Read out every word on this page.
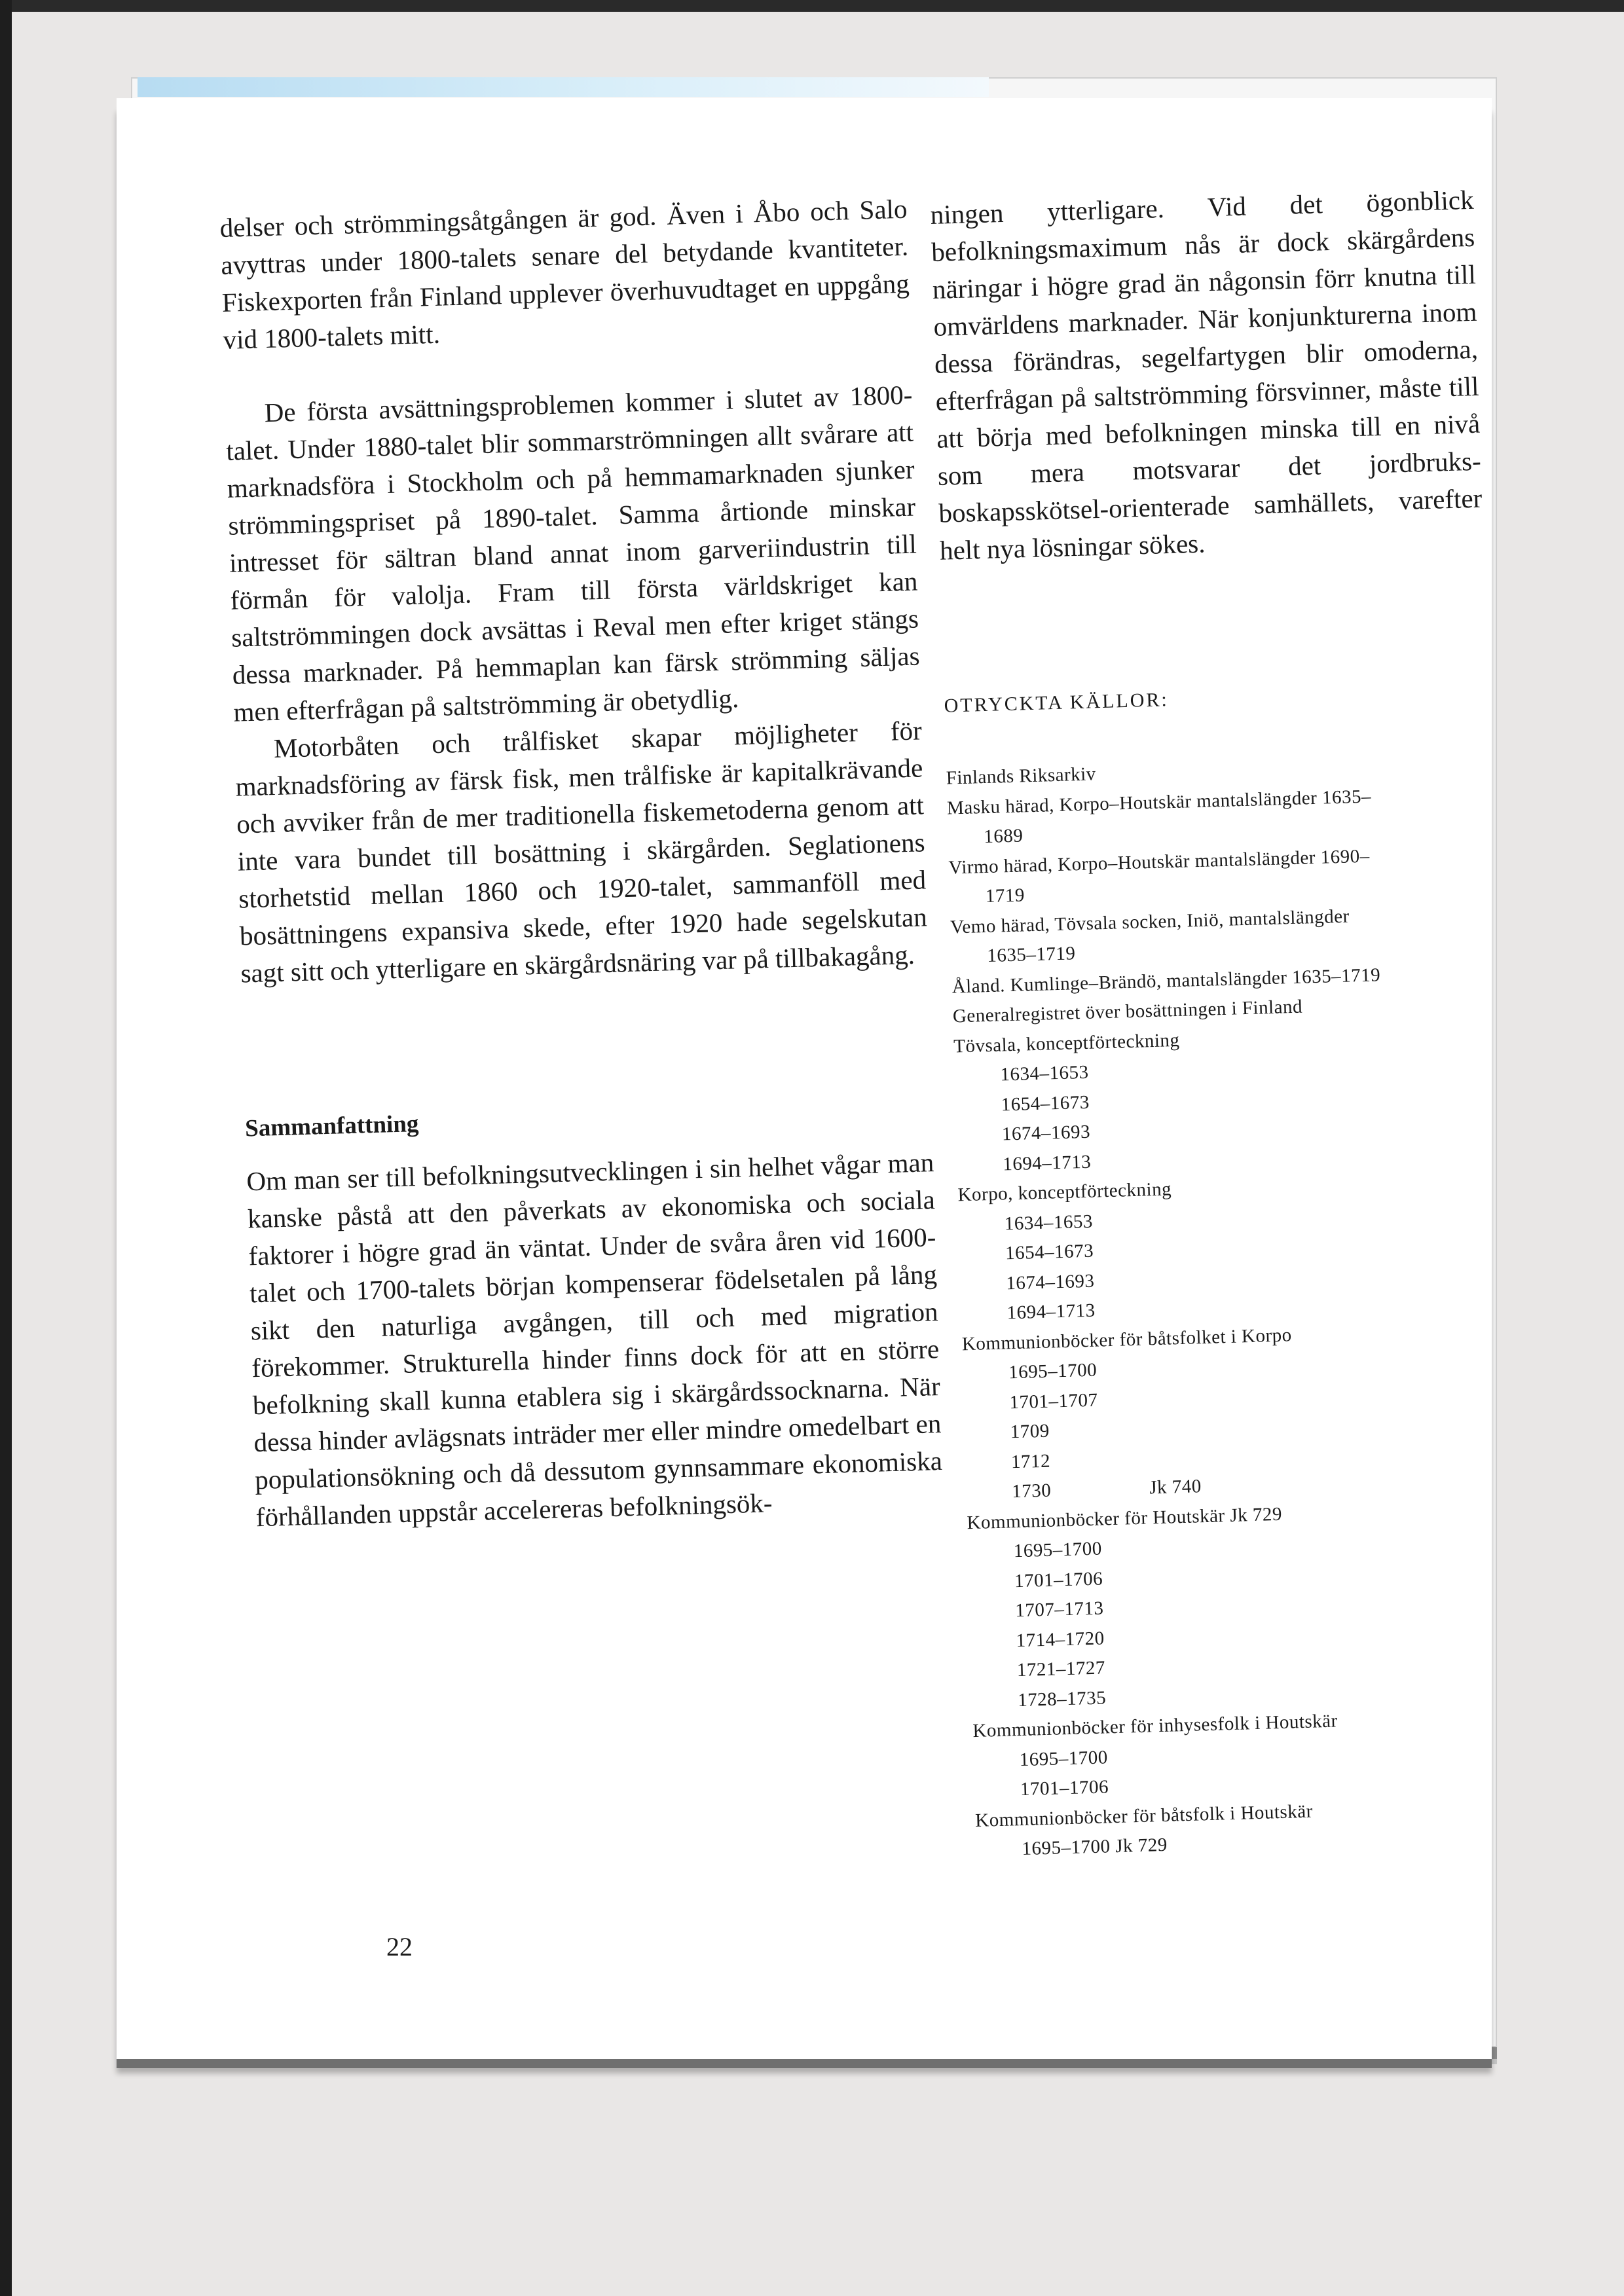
delser och strömmingsåtgången är god. Även i Åbo och Salo avyttras under 1800-talets senare del betydande kvantiteter. Fiskexporten från Finland upplever överhuvudtaget en uppgång vid 1800-talets mitt.

De första avsättningsproblemen kommer i slutet av 1800-talet. Under 1880-talet blir sommarströmningen allt svårare att marknadsföra i Stockholm och på hemmamarknaden sjunker strömmingspriset på 1890-talet. Samma årtionde minskar intresset för sältran bland annat inom garveriindustrin till förmån för valolja. Fram till första världskriget kan saltströmmingen dock avsättas i Reval men efter kriget stängs dessa marknader. På hemmaplan kan färsk strömming säljas men efterfrågan på saltströmming är obetydlig.

Motorbåten och trålfisket skapar möjligheter för marknadsföring av färsk fisk, men trålfiske är kapitalkrävande och avviker från de mer traditionella fiskemetoderna genom att inte vara bundet till bosättning i skärgården. Seglationens storhetstid mellan 1860 och 1920-talet, sammanföll med bosättningens expansiva skede, efter 1920 hade segelskutan sagt sitt och ytterligare en skärgårdsnäring var på tillbakagång.

Sammanfattning

Om man ser till befolkningsutvecklingen i sin helhet vågar man kanske påstå att den påverkats av ekonomiska och sociala faktorer i högre grad än väntat. Under de svåra åren vid 1600-talet och 1700-talets början kompenserar födelsetalen på lång sikt den naturliga avgången, till och med migration förekommer. Strukturella hinder finns dock för att en större befolkning skall kunna etablera sig i skärgårdssocknarna. När dessa hinder avlägsnats inträder mer eller mindre omedelbart en populationsökning och då dessutom gynnsammare ekonomiska förhållanden uppstår accelereras befolkningsök-

ningen ytterligare. Vid det ögonblick befolkningsmaximum nås är dock skärgårdens näringar i högre grad än någonsin förr knutna till omvärldens marknader. När konjunkturerna inom dessa förändras, segelfartygen blir omoderna, efterfrågan på saltströmming försvinner, måste till att börja med befolkningen minska till en nivå som mera motsvarar det jordbruks- boskapsskötsel-orienterade samhällets, varefter helt nya lösningar sökes.

OTRYCKTA KÄLLOR:
Finlands Riksarkiv
Masku härad, Korpo–Houtskär mantalslängder 1635–
1689
Virmo härad, Korpo–Houtskär mantalslängder 1690–
1719
Vemo härad, Tövsala socken, Iniö, mantalslängder
1635–1719
Åland. Kumlinge–Brändö, mantalslängder 1635–1719
Generalregistret över bosättningen i Finland
Tövsala, konceptförteckning
1634–1653
1654–1673
1674–1693
1694–1713
Korpo, konceptförteckning
1634–1653
1654–1673
1674–1693
1694–1713
Kommunionböcker för båtsfolket i Korpo
1695–1700
1701–1707
1709
1712
1730	Jk 740
Kommunionböcker för Houtskär Jk 729
1695–1700
1701–1706
1707–1713
1714–1720
1721–1727
1728–1735
Kommunionböcker för inhysesfolk i Houtskär
1695–1700
1701–1706
Kommunionböcker för båtsfolk i Houtskär
1695–1700 Jk 729
22
